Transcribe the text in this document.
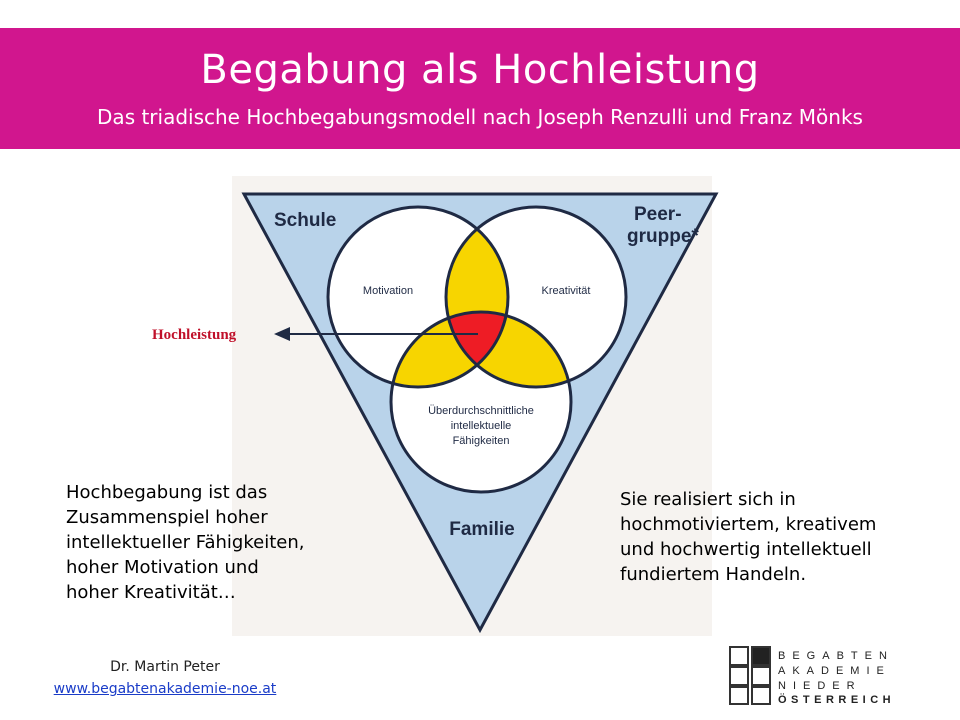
Begabung als Hochleistung
Das triadische Hochbegabungsmodell nach Joseph Renzulli und Franz Mönks
Schule	Peer-
gruppe*
Familie
Motivation	Kreativität
Überdurchschnittliche
intellektuelle
Fähigkeiten
Hochleistung
Hochbegabung ist das
Zusammenspiel hoher
intellektueller Fähigkeiten,
hoher Motivation und
hoher Kreativität…
Sie realisiert sich in
hochmotiviertem, kreativem
und hochwertig intellektuell
fundiertem Handeln.
Dr. Martin Peter
www.begabtenakademie-noe.at
BEGABTEN
AKADEMIE
NIEDER
ÖSTERREICH
